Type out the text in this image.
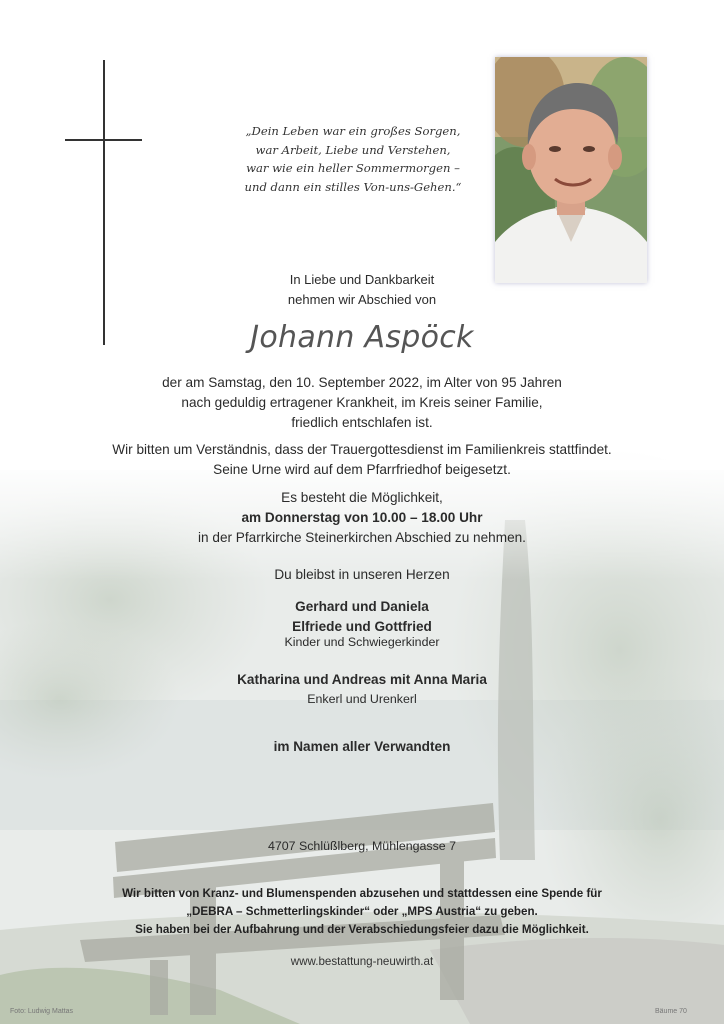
„Dein Leben war ein großes Sorgen,
war Arbeit, Liebe und Verstehen,
war wie ein heller Sommermorgen –
und dann ein stilles Von-uns-Gehen.“
In Liebe und Dankbarkeit
nehmen wir Abschied von
Johann Aspöck
der am Samstag, den 10. September 2022, im Alter von 95 Jahren
nach geduldig ertragener Krankheit, im Kreis seiner Familie,
friedlich entschlafen ist.
Wir bitten um Verständnis, dass der Trauergottesdienst im Familienkreis stattfindet.
Seine Urne wird auf dem Pfarrfriedhof beigesetzt.
Es besteht die Möglichkeit,
am Donnerstag von 10.00 – 18.00 Uhr
in der Pfarrkirche Steinerkirchen Abschied zu nehmen.
Du bleibst in unseren Herzen
Gerhard und Daniela
Elfriede und Gottfried
Kinder und Schwiegerkinder
Katharina und Andreas mit Anna Maria
Enkerl und Urenkerl
im Namen aller Verwandten
4707 Schlüßlberg, Mühlengasse 7
Wir bitten von Kranz- und Blumenspenden abzusehen und stattdessen eine Spende für
„DEBRA – Schmetterlingskinder“ oder „MPS Austria“ zu geben.
Sie haben bei der Aufbahrung und der Verabschiedungsfeier dazu die Möglichkeit.
www.bestattung-neuwirth.at
Foto: Ludwig Mattas	Bäume 70
